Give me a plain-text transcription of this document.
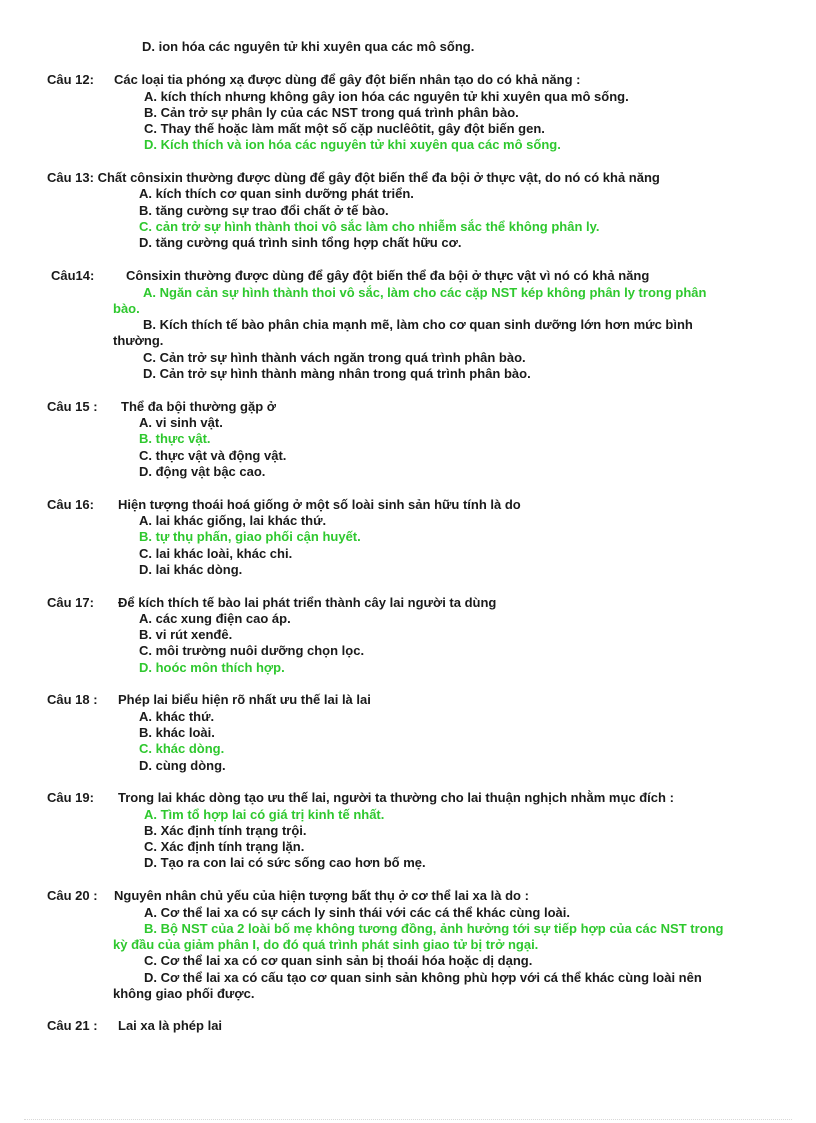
D. ion hóa các nguyên tử khi xuyên qua các mô sống.
Câu 12: Các loại tia phóng xạ được dùng để gây đột biến nhân tạo do có khả năng :
A. kích thích nhưng không gây ion hóa các nguyên tử khi xuyên qua mô sống.
B. Cản trở sự phân ly của các NST trong quá trình phân bào.
C. Thay thế hoặc làm mất một số cặp nuclêôtit, gây đột biến gen.
D. Kích thích và ion hóa các nguyên tử khi xuyên qua các mô sống.
Câu 13: Chất cônsixin thường được dùng để gây đột biến thể đa bội ở thực vật, do nó có khả năng
A. kích thích cơ quan sinh dưỡng phát triển.
B. tăng cường sự trao đổi chất ở tế bào.
C. cản trở sự hình thành thoi vô sắc làm cho nhiễm sắc thể không phân ly.
D. tăng cường quá trình sinh tổng hợp chất hữu cơ.
Câu14: Cônsixin thường được dùng để gây đột biến thể đa bội ở thực vật vì nó có khả năng
A. Ngăn cản sự hình thành thoi vô sắc, làm cho các cặp NST kép không phân ly trong phân
bào.
B. Kích thích tế bào phân chia mạnh mẽ, làm cho cơ quan sinh dưỡng lớn hơn mức bình
thường.
C. Cản trở sự hình thành vách ngăn trong quá trình phân bào.
D. Cản trở sự hình thành màng nhân trong quá trình phân bào.
Câu 15 : Thể đa bội thường gặp ở
A. vi sinh vật.
B. thực vật.
C. thực vật và động vật.
D. động vật bậc cao.
Câu 16: Hiện tượng thoái hoá giống ở một số loài sinh sản hữu tính là do
A. lai khác giống, lai khác thứ.
B. tự thụ phấn, giao phối cận huyết.
C. lai khác loài, khác chi.
D. lai khác dòng.
Câu 17: Để kích thích tế bào lai phát triển thành cây lai người ta dùng
A. các xung điện cao áp.
B. vi rút xenđê.
C. môi trường nuôi dưỡng chọn lọc.
D. hoóc môn thích hợp.
Câu 18 : Phép lai biểu hiện rõ nhất ưu thế lai là lai
A. khác thứ.
B. khác loài.
C. khác dòng.
D. cùng dòng.
Câu 19: Trong lai khác dòng tạo ưu thế lai, người ta thường cho lai thuận nghịch nhằm mục đích :
A. Tìm tổ hợp lai có giá trị kinh tế nhất.
B. Xác định tính trạng trội.
C. Xác định tính trạng lặn.
D. Tạo ra con lai có sức sống cao hơn bố mẹ.
Câu 20 : Nguyên nhân chủ yếu của hiện tượng bất thụ ở cơ thể lai xa là do :
A. Cơ thể lai xa có sự cách ly sinh thái với các cá thể khác cùng loài.
B. Bộ NST của 2 loài bố mẹ không tương đồng, ảnh hưởng tới sự tiếp hợp của các NST trong
kỳ đầu của giảm phân I, do đó quá trình phát sinh giao tử bị trở ngại.
C. Cơ thể lai xa có cơ quan sinh sản bị thoái hóa hoặc dị dạng.
D. Cơ thể lai xa có cấu tạo cơ quan sinh sản không phù hợp với cá thể khác cùng loài nên
không giao phối được.
Câu 21 : Lai xa là phép lai
